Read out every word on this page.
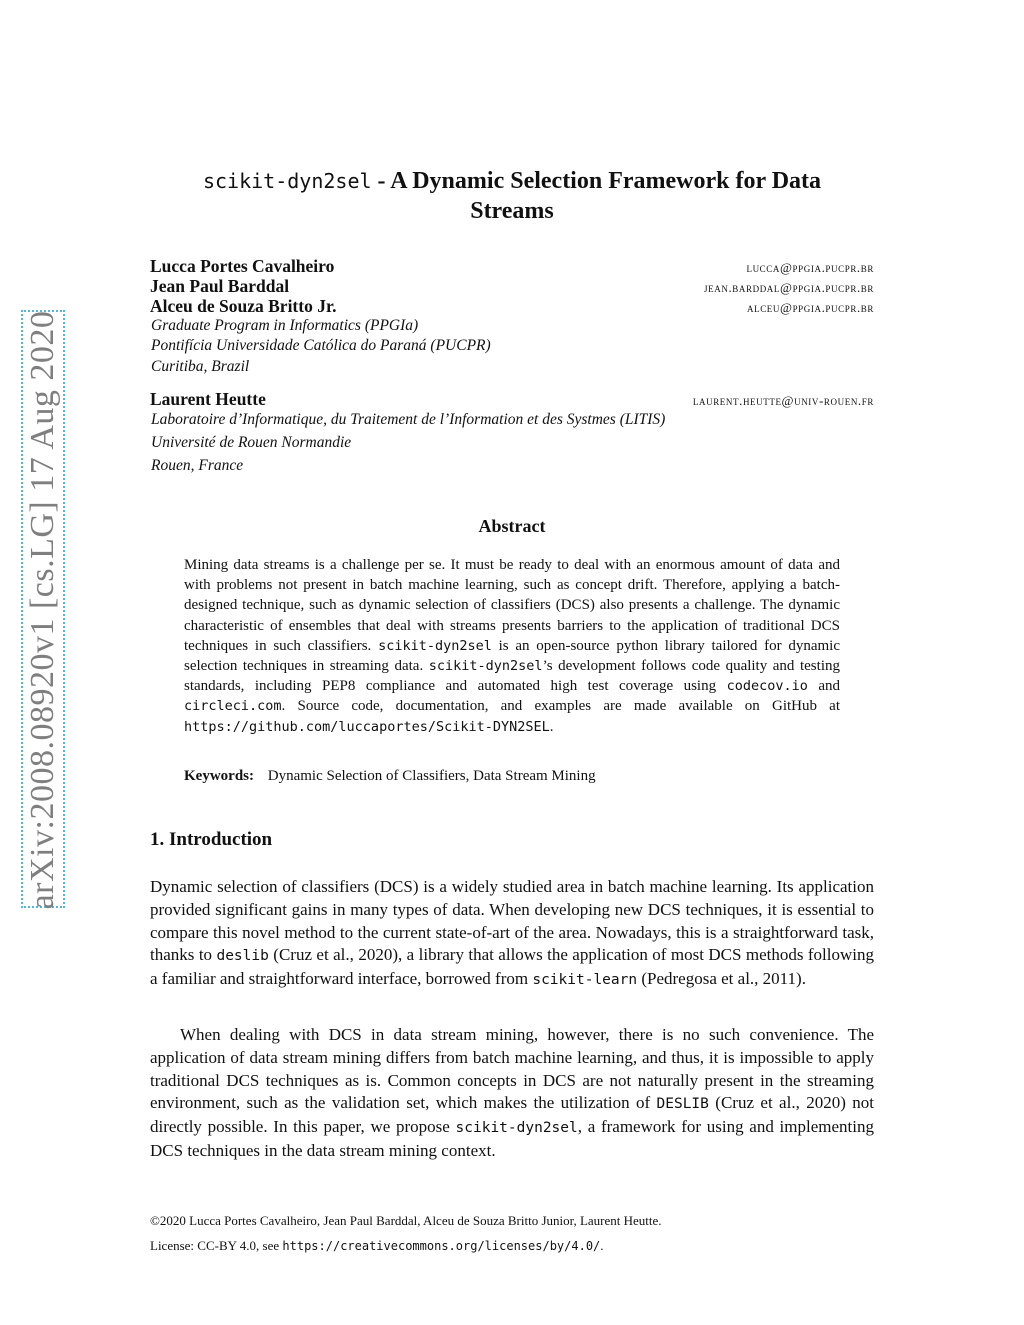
arXiv:2008.08920v1 [cs.LG] 17 Aug 2020
scikit-dyn2sel - A Dynamic Selection Framework for Data
Streams
Lucca Portes Cavalheiro	lucca@ppgia.pucpr.br
Jean Paul Barddal	jean.barddal@ppgia.pucpr.br
Alceu de Souza Britto Jr.	alceu@ppgia.pucpr.br
Graduate Program in Informatics (PPGIa)
Pontifícia Universidade Católica do Paraná (PUCPR)
Curitiba, Brazil
Laurent Heutte	laurent.heutte@univ-rouen.fr
Laboratoire d’Informatique, du Traitement de l’Information et des Systmes (LITIS)
Université de Rouen Normandie
Rouen, France
Abstract
Mining data streams is a challenge per se. It must be ready to deal with an enormous amount of data and with problems not present in batch machine learning, such as concept drift. Therefore, applying a batch-designed technique, such as dynamic selection of classifiers (DCS) also presents a challenge. The dynamic characteristic of ensembles that deal with streams presents barriers to the application of traditional DCS techniques in such classifiers. scikit-dyn2sel is an open-source python library tailored for dynamic selection techniques in streaming data. scikit-dyn2sel’s development follows code quality and testing standards, including PEP8 compliance and automated high test coverage using codecov.io and circleci.com. Source code, documentation, and examples are made available on GitHub at https://github.com/luccaportes/Scikit-DYN2SEL.
Keywords: Dynamic Selection of Classifiers, Data Stream Mining
1. Introduction
Dynamic selection of classifiers (DCS) is a widely studied area in batch machine learning. Its application provided significant gains in many types of data. When developing new DCS techniques, it is essential to compare this novel method to the current state-of-art of the area. Nowadays, this is a straightforward task, thanks to deslib (Cruz et al., 2020), a library that allows the application of most DCS methods following a familiar and straightforward interface, borrowed from scikit-learn (Pedregosa et al., 2011).
When dealing with DCS in data stream mining, however, there is no such convenience. The application of data stream mining differs from batch machine learning, and thus, it is impossible to apply traditional DCS techniques as is. Common concepts in DCS are not naturally present in the streaming environment, such as the validation set, which makes the utilization of DESLIB (Cruz et al., 2020) not directly possible. In this paper, we propose scikit-dyn2sel, a framework for using and implementing DCS techniques in the data stream mining context.
©2020 Lucca Portes Cavalheiro, Jean Paul Barddal, Alceu de Souza Britto Junior, Laurent Heutte.
License: CC-BY 4.0, see https://creativecommons.org/licenses/by/4.0/.
